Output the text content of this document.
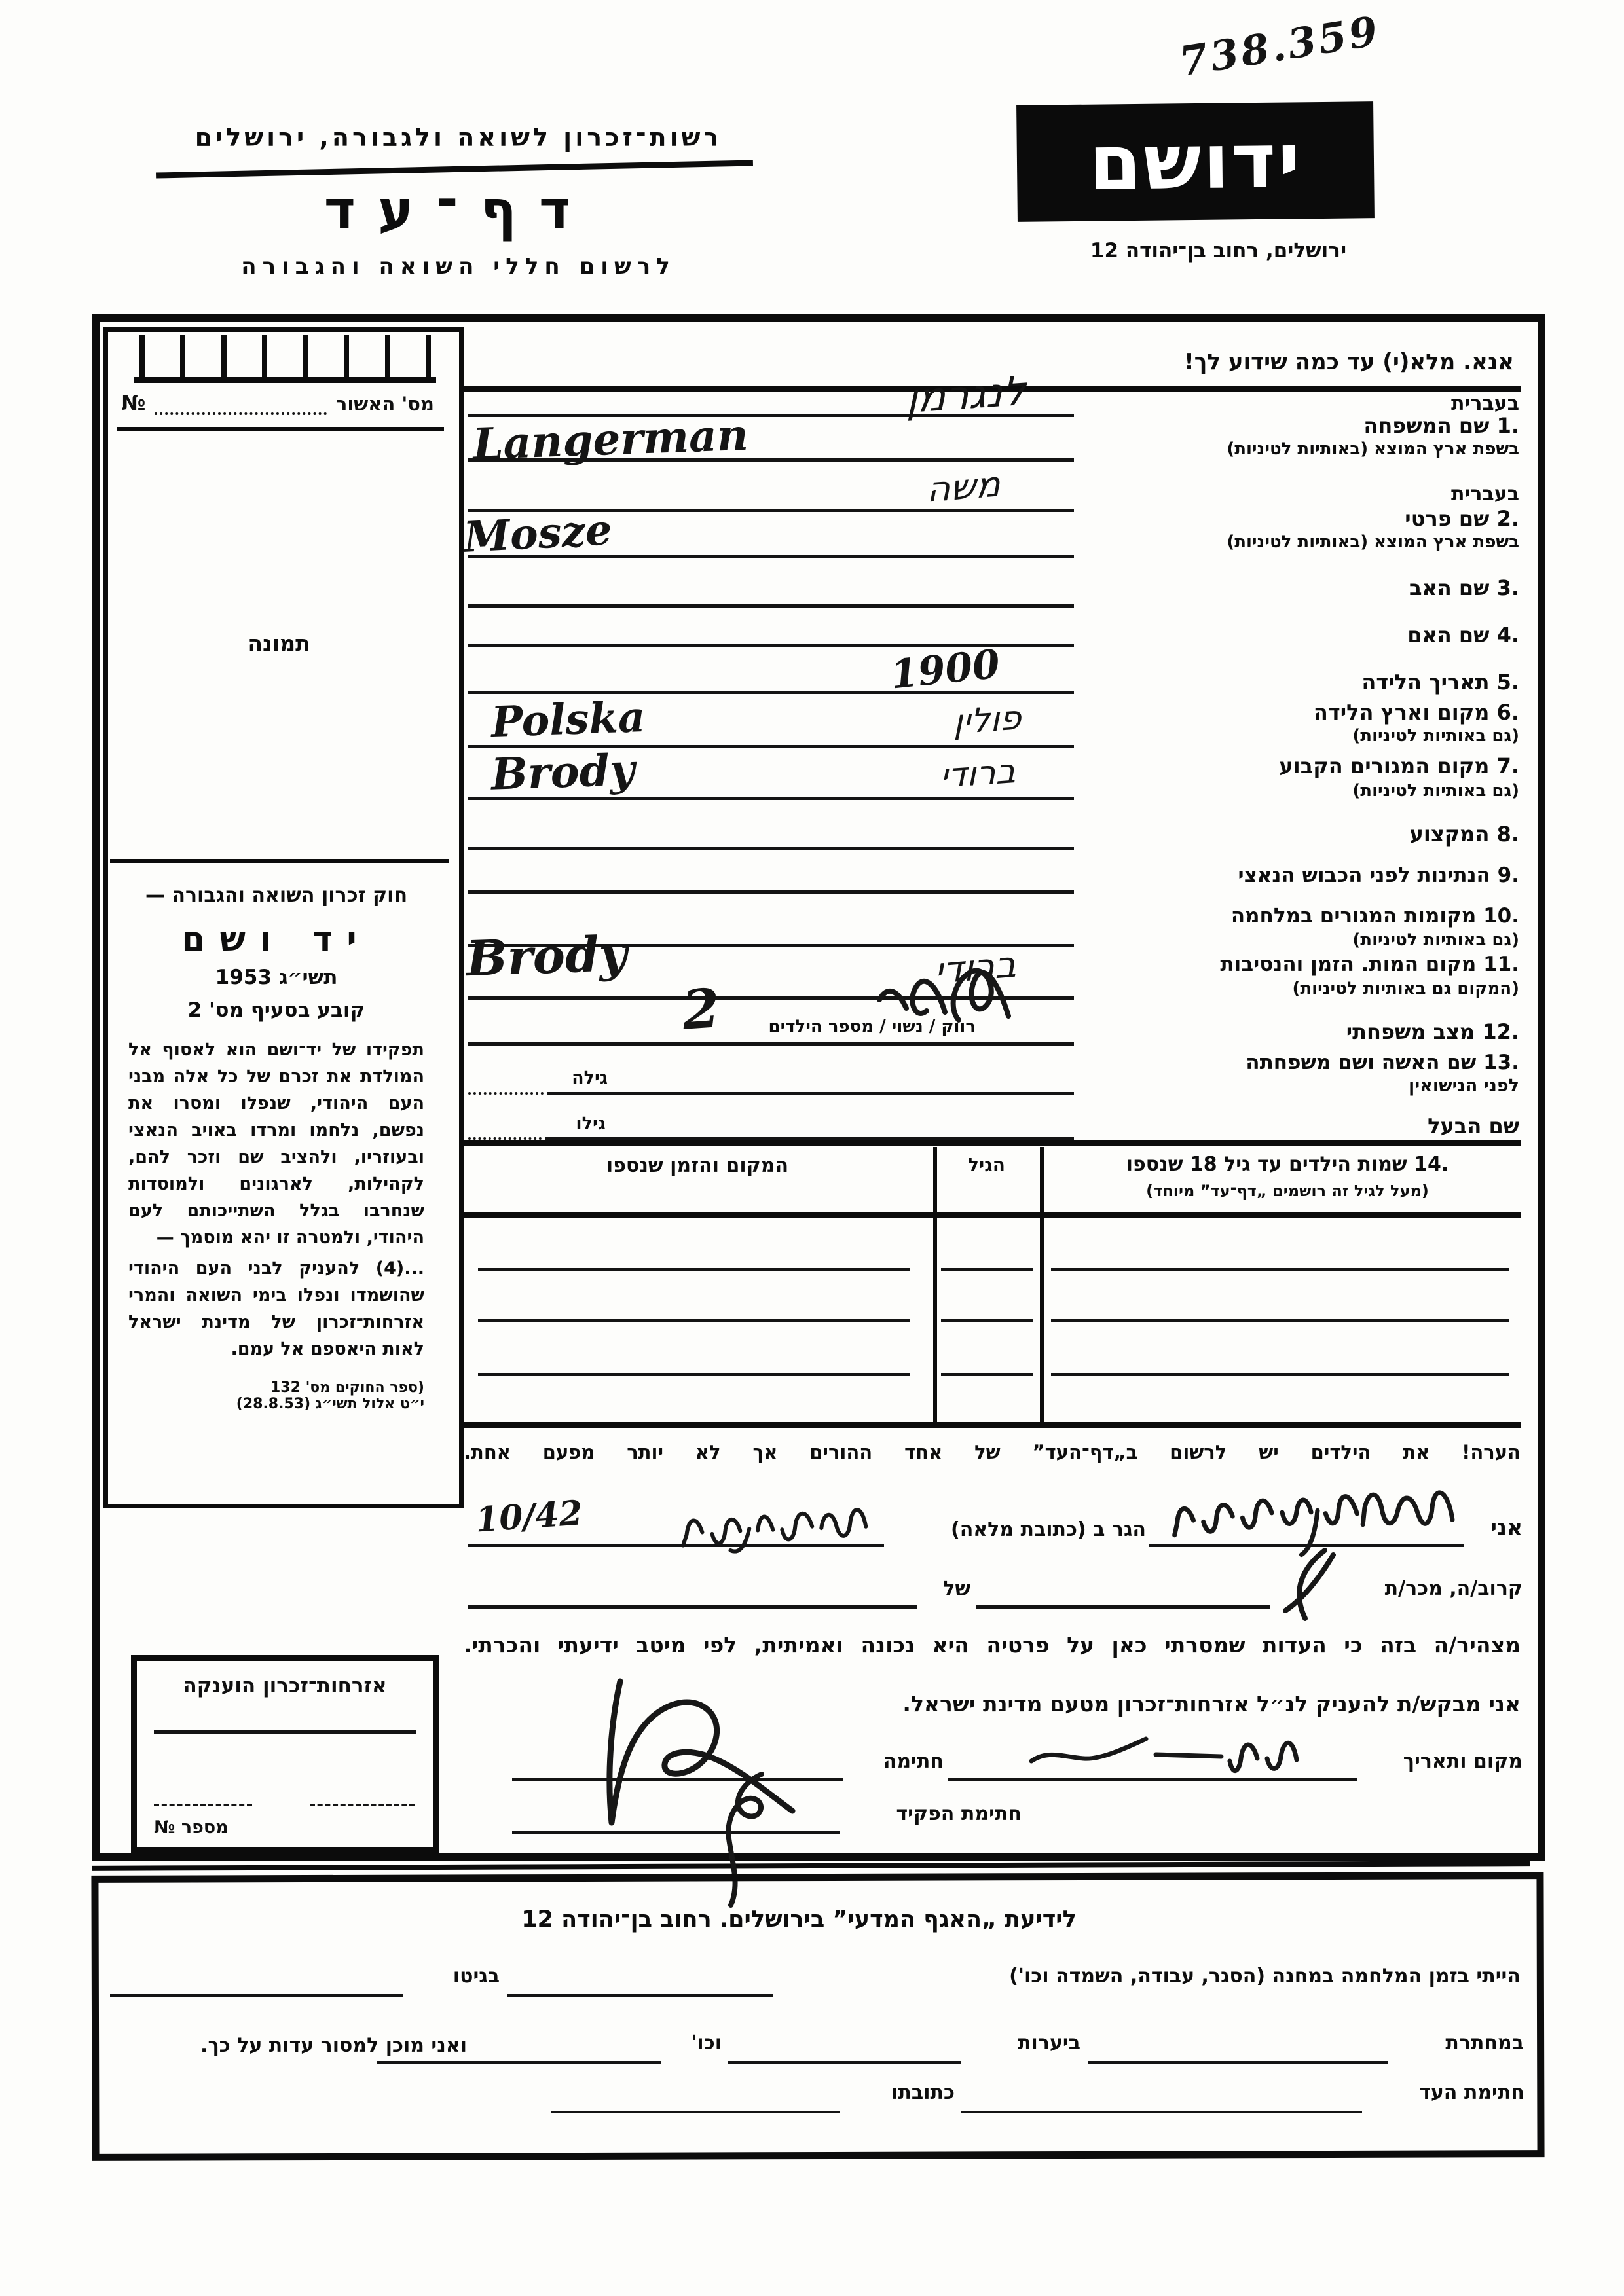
738.359
רשות־זכרון לשואה ולגבורה, ירושלים
דף־עד
לרשום חללי השואה והגבורה
ידושם
ירושלים, רחוב בן־יהודה 12
מס' האשור
№
תמונה
חוק זכרון השואה והגבורה —
יד ושם
תשי״ג 1953
קובע בסעיף מס' 2
תפקידו של יד־ושם הוא לאסוף אל המולדת את זכרם של כל אלה מבני העם היהודי, שנפלו ומסרו את נפשם, נלחמו ומרדו באויב הנאצי ובעוזריו, ולהציב שם וזכר להם, לקהילות, לארגונים ולמוסדות שנחרבו בגלל השתייכותם לעם היהודי, ולמטרה זו יהא מוסמך —
...(4) להעניק לבני העם היהודי שהושמדו ונפלו בימי השואה והמרי אזרחות־זכרון של מדינת ישראל לאות היאספם אל עמם.
(ספר החוקים מס' 132
י״ט אלול תשי״ג (28.8.53)
אזרחות־זכרון הוענקה
מספר №
אנא. מלא(י) עד כמה שידוע לך!
בעברית
1. שם המשפחה
בשפת ארץ המוצא (באותיות לטיניות)
בעברית
2. שם פרטי
בשפת ארץ המוצא (באותיות לטיניות)
3. שם האב
4. שם האם
5. תאריך הלידה
6. מקום וארץ הלידה
(גם באותיות לטיניות)
7. מקום המגורים הקבוע
(גם באותיות לטיניות)
8. המקצוע
9. הנתינות לפני הכבוש הנאצי
10. מקומות המגורים במלחמה
(גם באותיות לטיניות)
11. מקום המות. הזמן והנסיבות
(המקום גם באותיות לטיניות)
12. מצב משפחתי
13. שם האשה ושם משפחתה
לפני הנישואין
שם הבעל
רווק / נשוי / מספר הילדים
גילה
גילו
לנגרמן
Langerman
משה
Mosze
1900
פולין
Polska
ברודי
Brody
ברודי
Brody
2
14. שמות הילדים עד גיל 18 שנספו
(מעל לגיל זה רושמים „דף־עד” מיוחד)
הגיל
המקום והזמן שנספו
הערה! את הילדים יש לרשום ב„דף־העד” של אחד ההורים אך לא יותר מפעם אחת.
אני
הגר ב (כתובת מלאה)
10/42
קרוב/ה, מכר/ת
של
מצהיר/ה בזה כי העדות שמסרתי כאן על פרטיה היא נכונה ואמיתית, לפי מיטב ידיעתי והכרתי.
אני מבקש/ת להעניק לנ״ל אזרחות־זכרון מטעם מדינת ישראל.
מקום ותאריך
חתימה
חתימת הפקיד
לידיעת „האגף המדעי” בירושלים. רחוב בן־יהודה 12
הייתי בזמן המלחמה במחנה (הסגר, עבודה, השמדה וכו')
בגיטו
במחתרת
ביערות
וכו'
ואני מוכן למסור עדות על כך.
חתימת העד
כתובתו
